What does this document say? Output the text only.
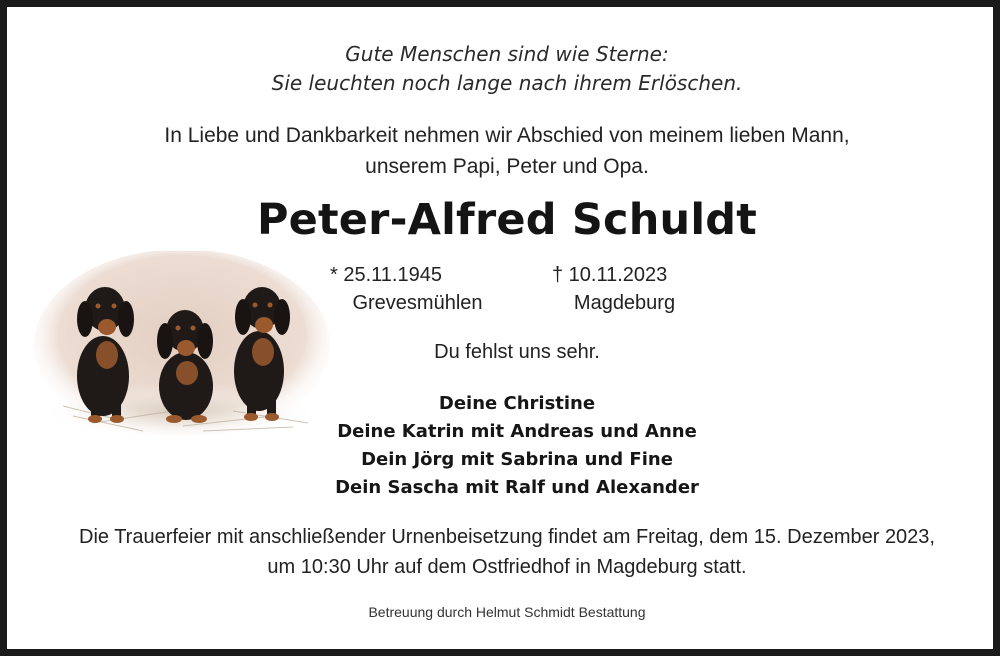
Gute Menschen sind wie Sterne:
Sie leuchten noch lange nach ihrem Erlöschen.
In Liebe und Dankbarkeit nehmen wir Abschied von meinem lieben Mann,
unserem Papi, Peter und Opa.
Peter-Alfred Schuldt
* 25.11.1945
Grevesmühlen
† 10.11.2023
Magdeburg
Du fehlst uns sehr.
Deine Christine
Deine Katrin mit Andreas und Anne
Dein Jörg mit Sabrina und Fine
Dein Sascha mit Ralf und Alexander
Die Trauerfeier mit anschließender Urnenbeisetzung findet am Freitag, dem 15. Dezember 2023,
um 10:30 Uhr auf dem Ostfriedhof in Magdeburg statt.
Betreuung durch Helmut Schmidt Bestattung
